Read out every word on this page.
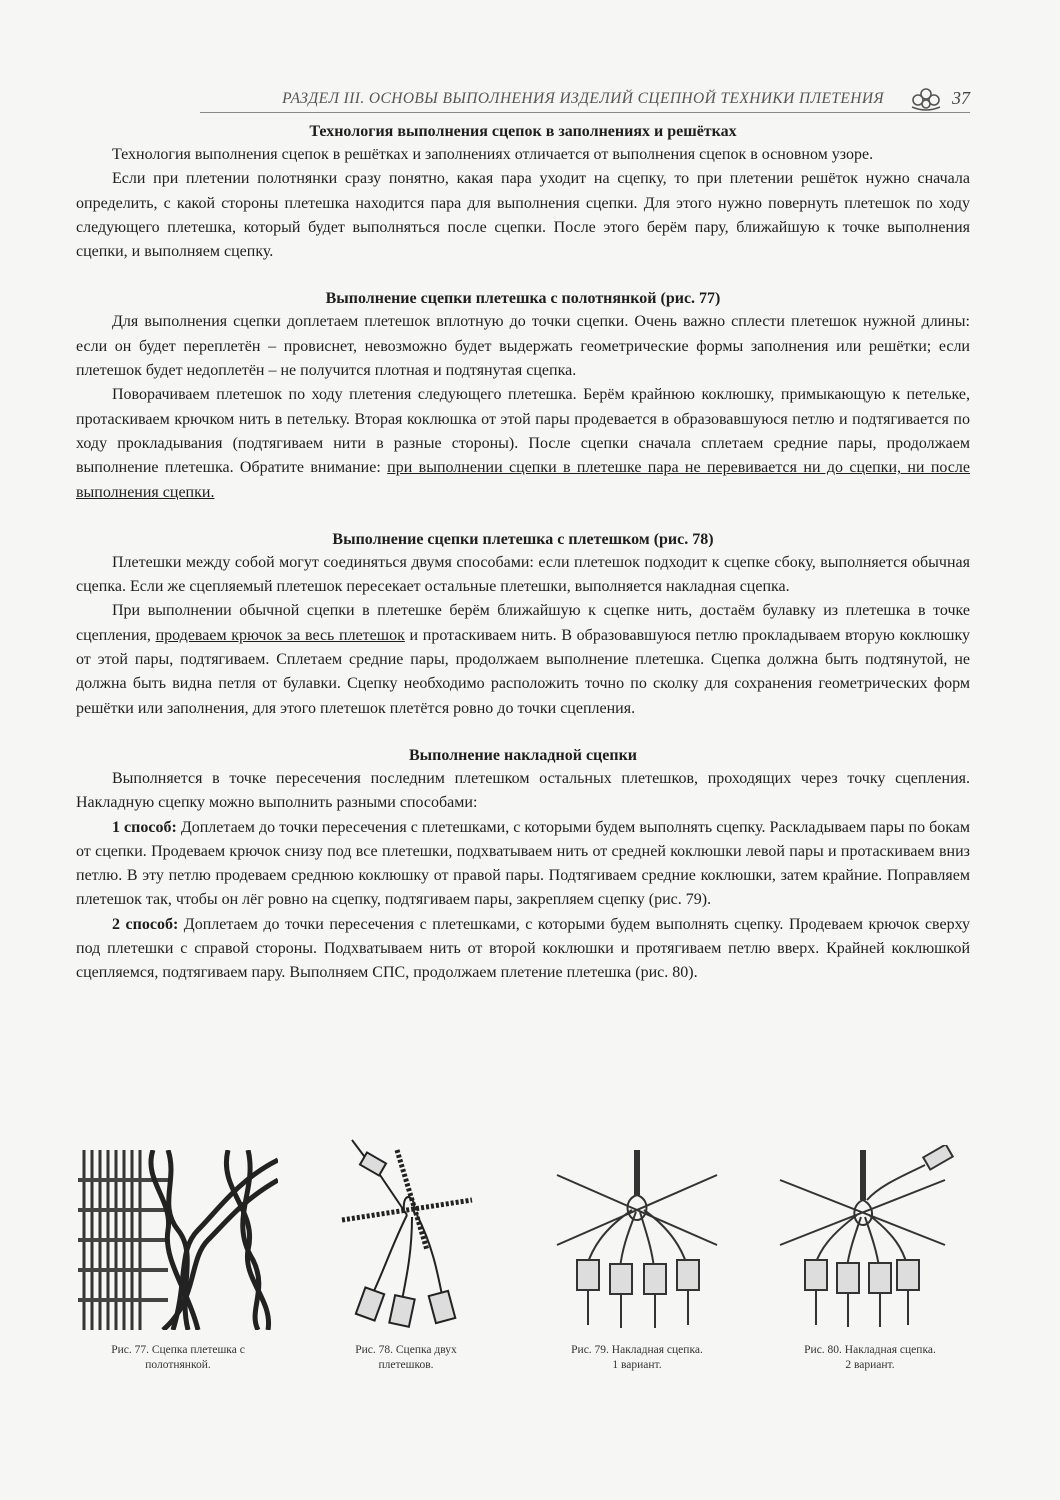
РАЗДЕЛ III. ОСНОВЫ ВЫПОЛНЕНИЯ ИЗДЕЛИЙ СЦЕПНОЙ ТЕХНИКИ ПЛЕТЕНИЯ	37
Технология выполнения сцепок в заполнениях и решётках

Технология выполнения сцепок в решётках и заполнениях отличается от выполнения сцепок в основном узоре.

Если при плетении полотнянки сразу понятно, какая пара уходит на сцепку, то при плетении решёток нужно сначала определить, с какой стороны плетешка находится пара для выполнения сцепки. Для этого нужно повернуть плетешок по ходу следующего плетешка, который будет выполняться после сцепки. После этого берём пару, ближайшую к точке выполнения сцепки, и выполняем сцепку.

Выполнение сцепки плетешка с полотнянкой (рис. 77)

Для выполнения сцепки доплетаем плетешок вплотную до точки сцепки. Очень важно сплести плетешок нужной длины: если он будет переплетён – провиснет, невозможно будет выдержать геометрические формы заполнения или решётки; если плетешок будет недоплетён – не получится плотная и подтянутая сцепка.

Поворачиваем плетешок по ходу плетения следующего плетешка. Берём крайнюю коклюшку, примыкающую к петельке, протаскиваем крючком нить в петельку. Вторая коклюшка от этой пары продевается в образовавшуюся петлю и подтягивается по ходу прокладывания (подтягиваем нити в разные стороны). После сцепки сначала сплетаем средние пары, продолжаем выполнение плетешка. Обратите внимание: при выполнении сцепки в плетешке пара не перевивается ни до сцепки, ни после выполнения сцепки.

Выполнение сцепки плетешка с плетешком (рис. 78)

Плетешки между собой могут соединяться двумя способами: если плетешок подходит к сцепке сбоку, выполняется обычная сцепка. Если же сцепляемый плетешок пересекает остальные плетешки, выполняется накладная сцепка.

При выполнении обычной сцепки в плетешке берём ближайшую к сцепке нить, достаём булавку из плетешка в точке сцепления, продеваем крючок за весь плетешок и протаскиваем нить. В образовавшуюся петлю прокладываем вторую коклюшку от этой пары, подтягиваем. Сплетаем средние пары, продолжаем выполнение плетешка. Сцепка должна быть подтянутой, не должна быть видна петля от булавки. Сцепку необходимо расположить точно по сколку для сохранения геометрических форм решётки или заполнения, для этого плетешок плетётся ровно до точки сцепления.

Выполнение накладной сцепки

Выполняется в точке пересечения последним плетешком остальных плетешков, проходящих через точку сцепления. Накладную сцепку можно выполнить разными способами:

1 способ: Доплетаем до точки пересечения с плетешками, с которыми будем выполнять сцепку. Раскладываем пары по бокам от сцепки. Продеваем крючок снизу под все плетешки, подхватываем нить от средней коклюшки левой пары и протаскиваем вниз петлю. В эту петлю продеваем среднюю коклюшку от правой пары. Подтягиваем средние коклюшки, затем крайние. Поправляем плетешок так, чтобы он лёг ровно на сцепку, подтягиваем пары, закрепляем сцепку (рис. 79).

2 способ: Доплетаем до точки пересечения с плетешками, с которыми будем выполнять сцепку. Продеваем крючок сверху под плетешки с справой стороны. Подхватываем нить от второй коклюшки и протягиваем петлю вверх. Крайней коклюшкой сцепляемся, подтягиваем пару. Выполняем СПС, продолжаем плетение плетешка (рис. 80).

Рис. 77. Сцепка плетешка с
полотнянкой.
Рис. 78. Сцепка двух
плетешков.
Рис. 79. Накладная сцепка.
1 вариант.
Рис. 80. Накладная сцепка.
2 вариант.
